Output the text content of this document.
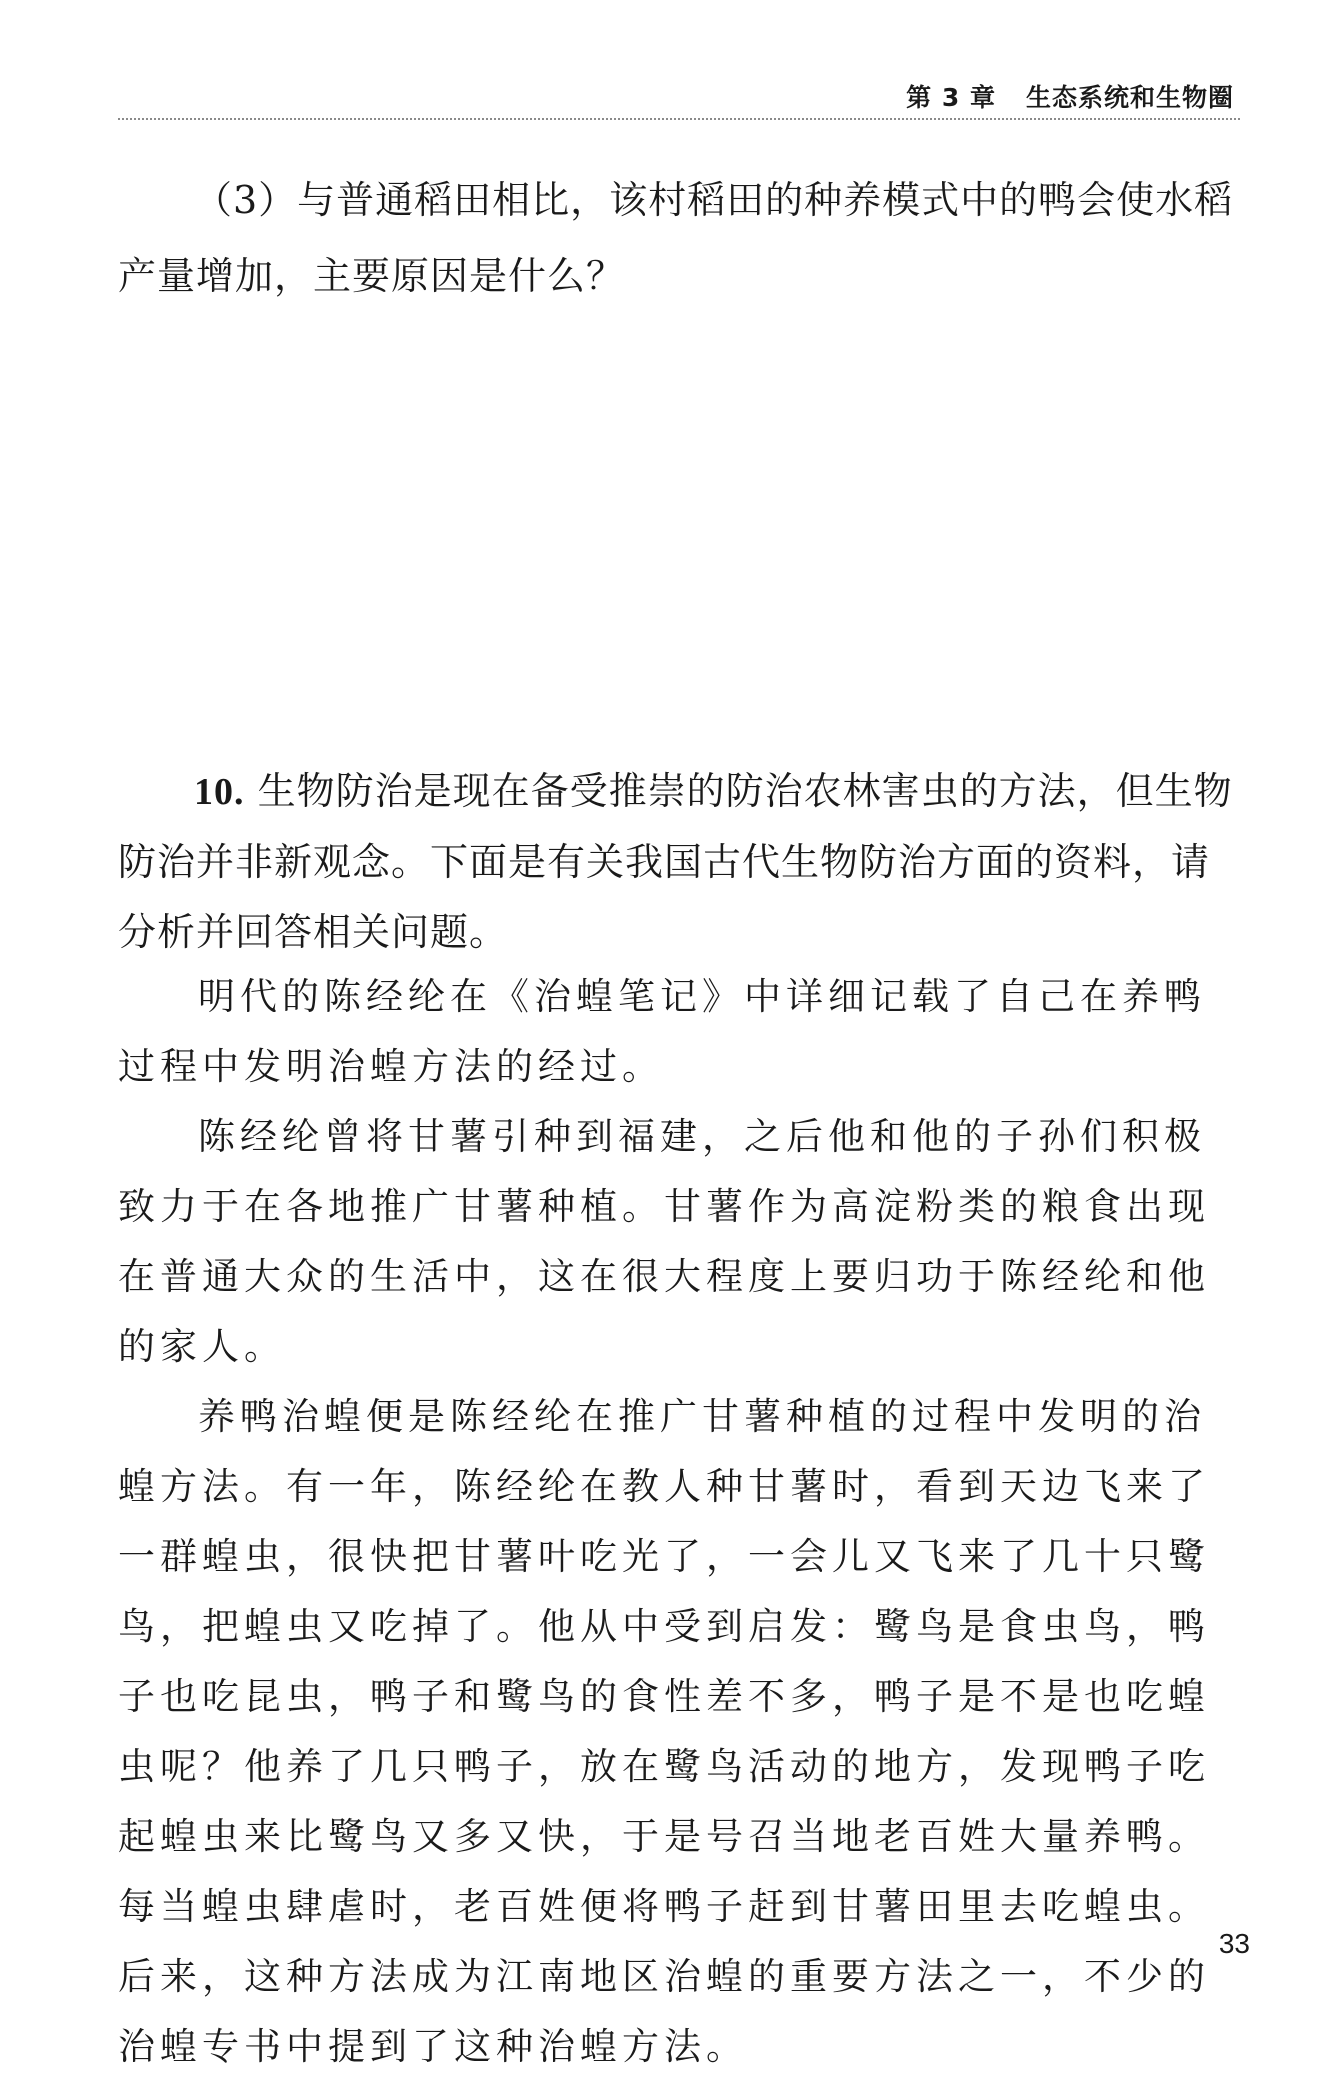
第 3 章 生态系统和生物圈

（3）与普通稻田相比，该村稻田的种养模式中的鸭会使水稻产量增加，主要原因是什么？

10. 生物防治是现在备受推崇的防治农林害虫的方法，但生物防治并非新观念。下面是有关我国古代生物防治方面的资料，请分析并回答相关问题。

明代的陈经纶在《治蝗笔记》中详细记载了自己在养鸭过程中发明治蝗方法的经过。

陈经纶曾将甘薯引种到福建，之后他和他的子孙们积极致力于在各地推广甘薯种植。甘薯作为高淀粉类的粮食出现在普通大众的生活中，这在很大程度上要归功于陈经纶和他的家人。

养鸭治蝗便是陈经纶在推广甘薯种植的过程中发明的治蝗方法。有一年，陈经纶在教人种甘薯时，看到天边飞来了一群蝗虫，很快把甘薯叶吃光了，一会儿又飞来了几十只鹭鸟，把蝗虫又吃掉了。他从中受到启发：鹭鸟是食虫鸟，鸭子也吃昆虫，鸭子和鹭鸟的食性差不多，鸭子是不是也吃蝗虫呢？他养了几只鸭子，放在鹭鸟活动的地方，发现鸭子吃起蝗虫来比鹭鸟又多又快，于是号召当地老百姓大量养鸭。每当蝗虫肆虐时，老百姓便将鸭子赶到甘薯田里去吃蝗虫。后来，这种方法成为江南地区治蝗的重要方法之一，不少的治蝗专书中提到了这种治蝗方法。

33
